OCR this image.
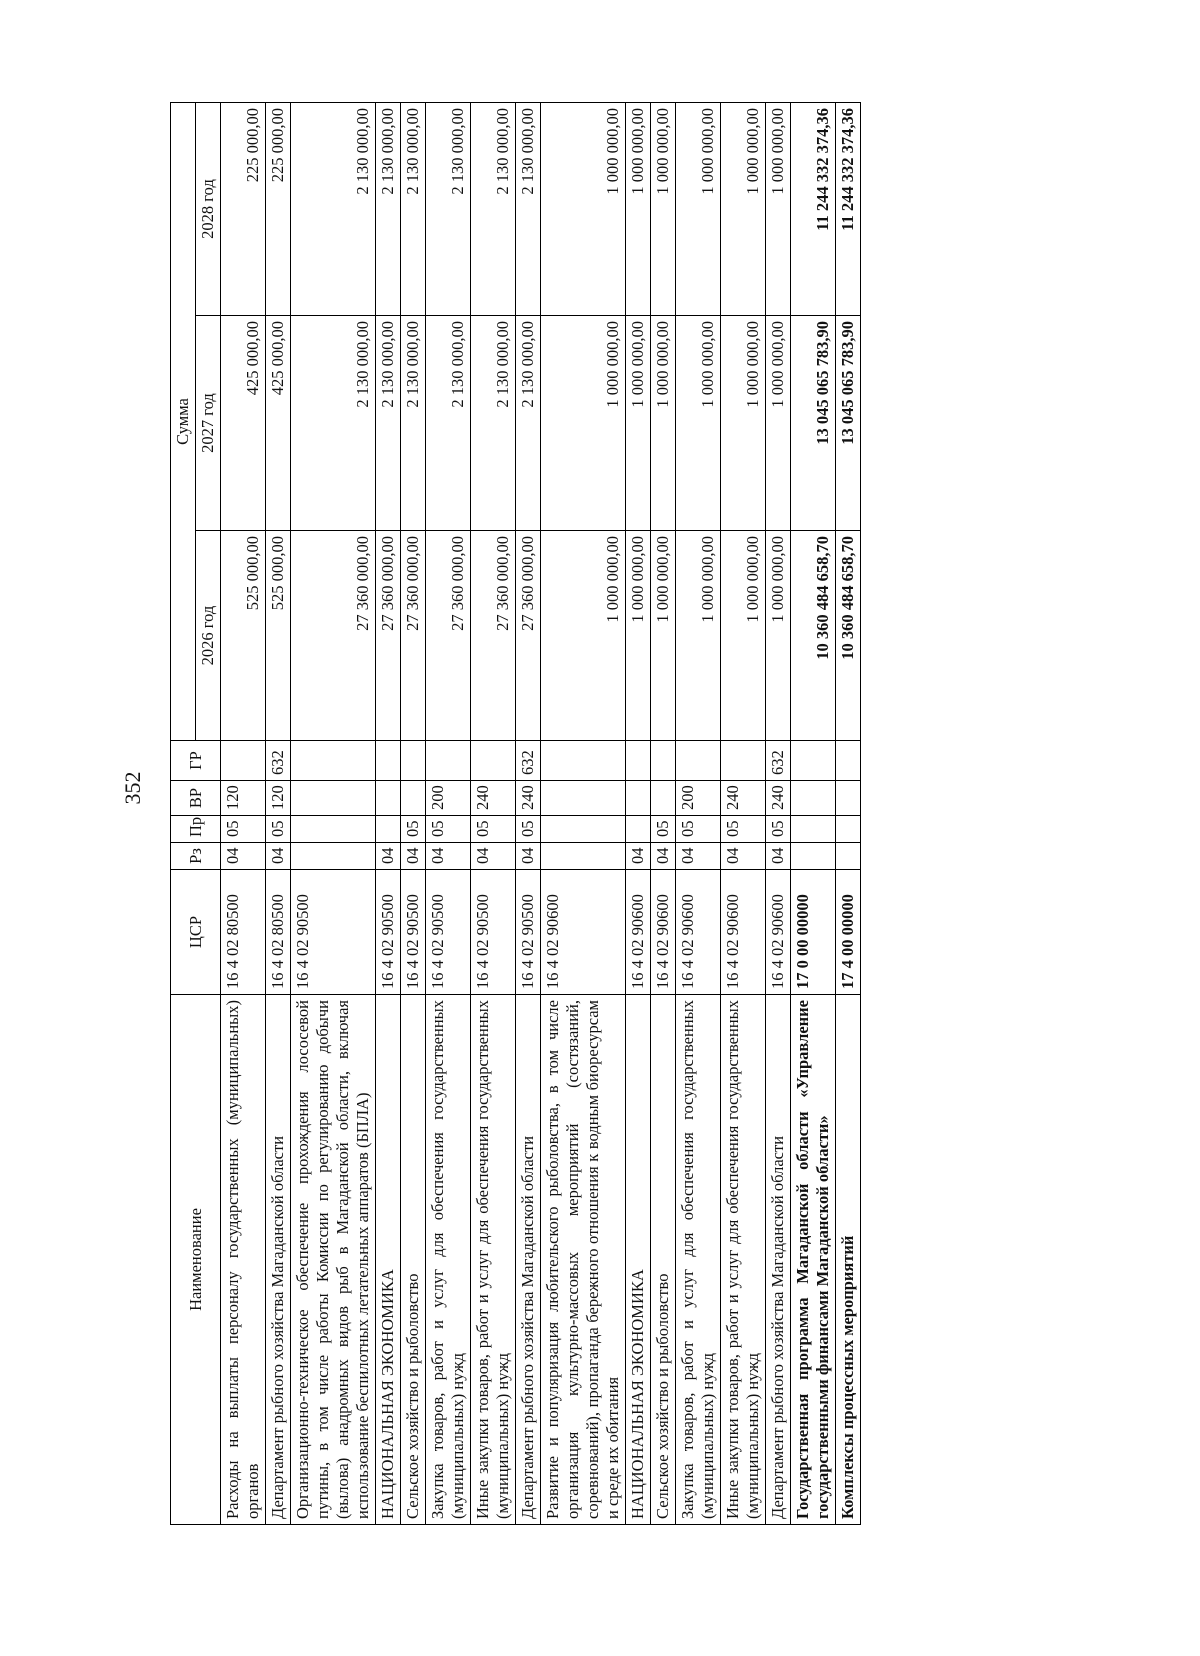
352
Наименование	ЦСР	Рз	Пр	ВР	ГР	Сумма		
						2026 год	2027 год	2028 год
Расходы на выплаты персоналу государственных (муниципальных) органов	16 4 02 80500	04	05	120		525 000,00	425 000,00	225 000,00
Департамент рыбного хозяйства Магаданской области	16 4 02 80500	04	05	120	632	525 000,00	425 000,00	225 000,00
Организационно-техническое обеспечение прохождения лососевой путины, в том числе работы Комиссии по регулированию добычи (вылова) анадромных видов рыб в Магаданской области, включая использование беспилотных летательных аппаратов (БПЛА)	16 4 02 90500					27 360 000,00	2 130 000,00	2 130 000,00
НАЦИОНАЛЬНАЯ ЭКОНОМИКА	16 4 02 90500	04				27 360 000,00	2 130 000,00	2 130 000,00
Сельское хозяйство и рыболовство	16 4 02 90500	04	05			27 360 000,00	2 130 000,00	2 130 000,00
Закупка товаров, работ и услуг для обеспечения государственных (муниципальных) нужд	16 4 02 90500	04	05	200		27 360 000,00	2 130 000,00	2 130 000,00
Иные закупки товаров, работ и услуг для обеспечения государственных (муниципальных) нужд	16 4 02 90500	04	05	240		27 360 000,00	2 130 000,00	2 130 000,00
Департамент рыбного хозяйства Магаданской области	16 4 02 90500	04	05	240	632	27 360 000,00	2 130 000,00	2 130 000,00
Развитие и популяризация любительского рыболовства, в том числе организация культурно-массовых мероприятий (состязаний, соревнований), пропаганда бережного отношения к водным биоресурсам и среде их обитания	16 4 02 90600					1 000 000,00	1 000 000,00	1 000 000,00
НАЦИОНАЛЬНАЯ ЭКОНОМИКА	16 4 02 90600	04				1 000 000,00	1 000 000,00	1 000 000,00
Сельское хозяйство и рыболовство	16 4 02 90600	04	05			1 000 000,00	1 000 000,00	1 000 000,00
Закупка товаров, работ и услуг для обеспечения государственных (муниципальных) нужд	16 4 02 90600	04	05	200		1 000 000,00	1 000 000,00	1 000 000,00
Иные закупки товаров, работ и услуг для обеспечения государственных (муниципальных) нужд	16 4 02 90600	04	05	240		1 000 000,00	1 000 000,00	1 000 000,00
Департамент рыбного хозяйства Магаданской области	16 4 02 90600	04	05	240	632	1 000 000,00	1 000 000,00	1 000 000,00
Государственная программа Магаданской области «Управление государственными финансами Магаданской области»	17 0 00 00000					10 360 484 658,70	13 045 065 783,90	11 244 332 374,36
Комплексы процессных мероприятий	17 4 00 00000					10 360 484 658,70	13 045 065 783,90	11 244 332 374,36
